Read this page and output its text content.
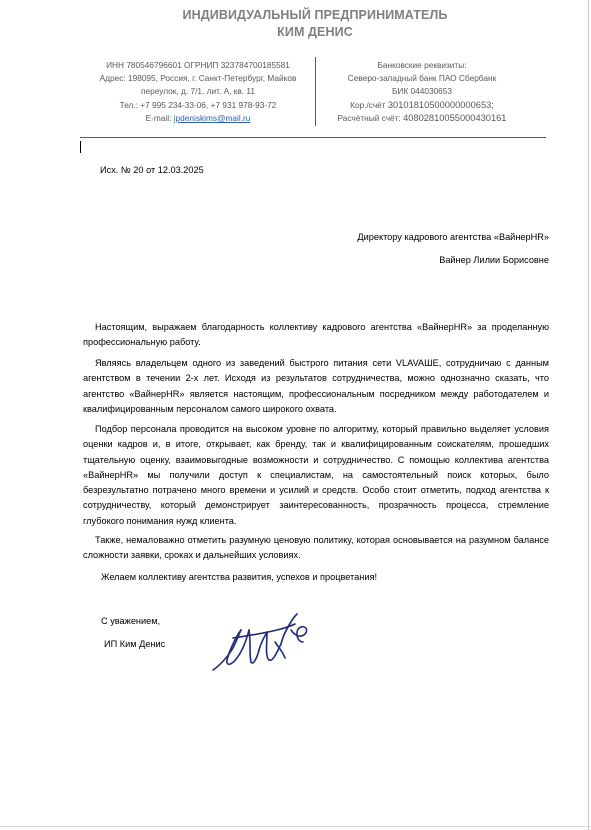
ИНДИВИДУАЛЬНЫЙ ПРЕДПРИНИМАТЕЛЬ
КИМ ДЕНИС
ИНН 780546796601 ОГРНИП 323784700185581
Адрес: 198095, Россия, г. Санкт-Петербург, Майков
переулок, д. 7/1, лит. А, кв. 11
Тел.: +7 995 234-33-06, +7 931 978-93-72
E-mail: ipdeniskims@mail.ru
Банковские реквизиты:
Северо-западный банк ПАО Сбербанк
БИК 044030653
Кор./счёт 30101810500000000653;
Расчётный счёт: 40802810055000430161
Исх. № 20 от 12.03.2025
Директору кадрового агентства «ВайнерHR»
Вайнер Лилии Борисовне

Настоящим, выражаем благодарность коллективу кадрового агентства «ВайнерHR» за проделанную профессиональную работу.

Являясь владельцем одного из заведений быстрого питания сети VLAVAШЕ, сотрудничаю с данным агентством в течении 2-х лет. Исходя из результатов сотрудничества, можно однозначно сказать, что агентство «ВайнерHR» является настоящим, профессиональным посредником между работодателем и квалифицированным персоналом самого широкого охвата.

Подбор персонала проводится на высоком уровне по алгоритму, который правильно выделяет условия оценки кадров и, в итоге, открывает, как бренду, так и квалифицированным соискателям, прошедших тщательную оценку, взаимовыгодные возможности и сотрудничество. С помощью коллектива агентства «ВайнерHR» мы получили доступ к специалистам, на самостоятельный поиск которых, было безрезультатно потрачено много времени и усилий и средств. Особо стоит отметить, подход агентства к сотрудничеству, который демонстрирует заинтересованность, прозрачность процесса, стремление глубокого понимания нужд клиента.

Также, немаловажно отметить разумную ценовую политику, которая основывается на разумном балансе сложности заявки, сроках и дальнейших условиях.

Желаем коллективу агентства развития, успехов и процветания!

С уважением,
ИП Ким Денис
